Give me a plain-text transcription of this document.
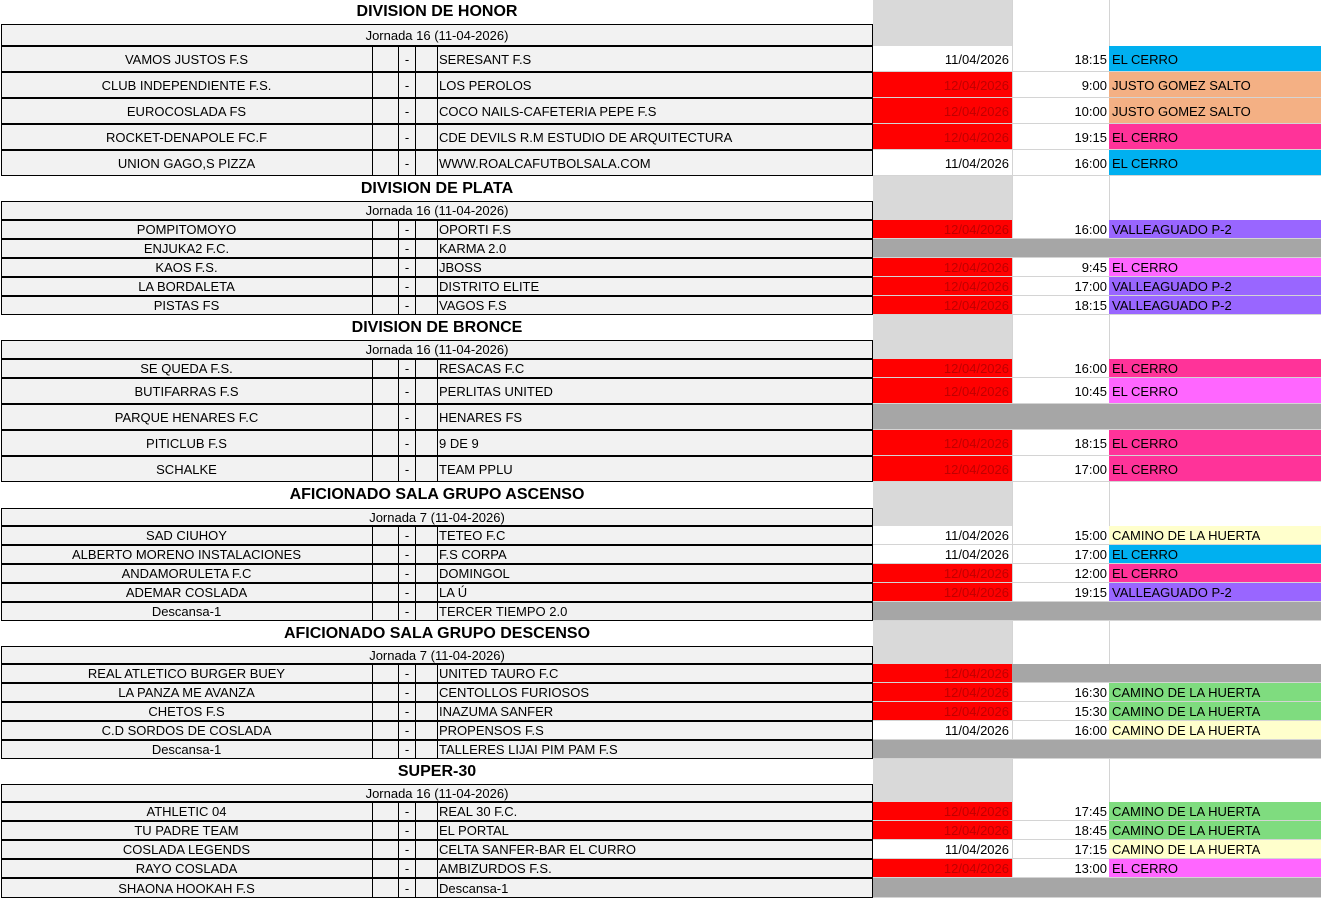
DIVISION DE HONOR
Jornada 16 (11-04-2026)
VAMOS JUSTOS F.S	-	SERESANT F.S	11/04/2026	18:15 EL CERRO
CLUB INDEPENDIENTE F.S.	-	LOS PEROLOS	12/04/2026	9:00 JUSTO GOMEZ SALTO
EUROCOSLADA FS	-	COCO NAILS-CAFETERIA PEPE F.S	12/04/2026	10:00 JUSTO GOMEZ SALTO
ROCKET-DENAPOLE FC.F	-	CDE DEVILS R.M ESTUDIO DE ARQUITECTURA	12/04/2026	19:15 EL CERRO
UNION GAGO,S PIZZA	-	WWW.ROALCAFUTBOLSALA.COM	11/04/2026	16:00 EL CERRO
DIVISION DE PLATA
Jornada 16 (11-04-2026)
POMPITOMOYO	-	OPORTI F.S	12/04/2026	16:00 VALLEAGUADO P-2
ENJUKA2 F.C.	-	KARMA 2.0
KAOS F.S.	-	JBOSS	12/04/2026	9:45 EL CERRO
LA BORDALETA	-	DISTRITO ELITE	12/04/2026	17:00 VALLEAGUADO P-2
PISTAS FS	-	VAGOS F.S	12/04/2026	18:15 VALLEAGUADO P-2
DIVISION DE BRONCE
Jornada 16 (11-04-2026)
SE QUEDA F.S.	-	RESACAS F.C	12/04/2026	16:00 EL CERRO
BUTIFARRAS F.S	-	PERLITAS UNITED	12/04/2026	10:45 EL CERRO
PARQUE HENARES F.C	-	HENARES FS
PITICLUB F.S	-	9 DE 9	12/04/2026	18:15 EL CERRO
SCHALKE	-	TEAM PPLU	12/04/2026	17:00 EL CERRO
AFICIONADO SALA GRUPO ASCENSO
Jornada 7 (11-04-2026)
SAD CIUHOY	-	TETEO F.C	11/04/2026	15:00 CAMINO DE LA HUERTA
ALBERTO MORENO INSTALACIONES	-	F.S CORPA	11/04/2026	17:00 EL CERRO
ANDAMORULETA F.C	-	DOMINGOL	12/04/2026	12:00 EL CERRO
ADEMAR COSLADA	-	LA Ú	12/04/2026	19:15 VALLEAGUADO P-2
Descansa-1	-	TERCER TIEMPO 2.0
AFICIONADO SALA GRUPO DESCENSO
Jornada 7 (11-04-2026)
REAL ATLETICO BURGER BUEY	-	UNITED TAURO F.C	12/04/2026
LA PANZA ME AVANZA	-	CENTOLLOS FURIOSOS	12/04/2026	16:30 CAMINO DE LA HUERTA
CHETOS F.S	-	INAZUMA SANFER	12/04/2026	15:30 CAMINO DE LA HUERTA
C.D SORDOS DE COSLADA	-	PROPENSOS F.S	11/04/2026	16:00 CAMINO DE LA HUERTA
Descansa-1	-	TALLERES LIJAI PIM PAM F.S
SUPER-30
Jornada 16 (11-04-2026)
ATHLETIC 04	-	REAL 30 F.C.	12/04/2026	17:45 CAMINO DE LA HUERTA
TU PADRE TEAM	-	EL PORTAL	12/04/2026	18:45 CAMINO DE LA HUERTA
COSLADA LEGENDS	-	CELTA SANFER-BAR EL CURRO	11/04/2026	17:15 CAMINO DE LA HUERTA
RAYO COSLADA	-	AMBIZURDOS F.S.	12/04/2026	13:00 EL CERRO
SHAONA HOOKAH F.S	-	Descansa-1
